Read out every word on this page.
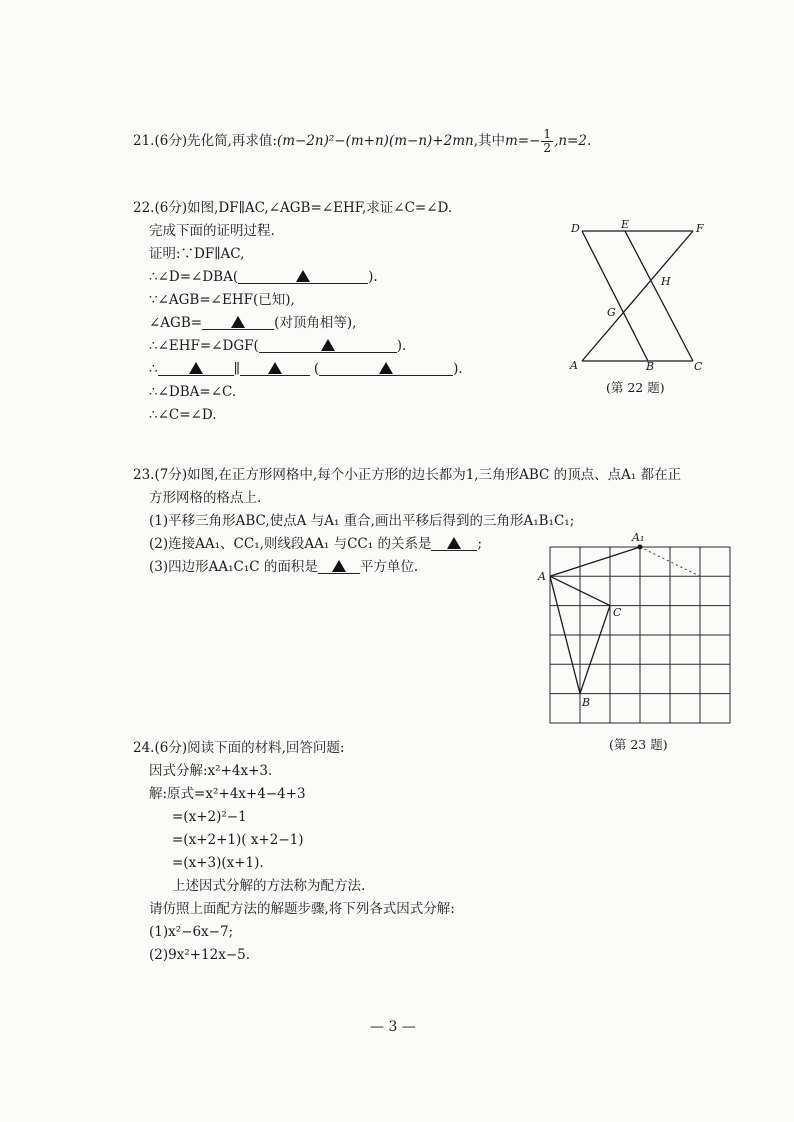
21.(6分)先化简,再求值:(m−2n)²−(m+n)(m−n)+2mn,其中$m=- \frac{1}{2} ,n=2$.
22.(6分)如图,DF∥AC,∠AGB=∠EHF,求证∠C=∠D.
完成下面的证明过程.
证明:∵DF∥AC,
∴∠D=∠DBA(	).
∵∠AGB=∠EHF(已知),
∠AGB=	(对顶角相等),
∴∠EHF=∠DGF(	).
∴	∥	(	).
∴∠DBA=∠C.
∴∠C=∠D.
D	E	F
H
G
A	B	C
(第 22 题)
23.(7分)如图,在正方形网格中,每个小正方形的边长都为1,三角形ABC 的顶点、点A₁ 都在正
方形网格的格点上.
(1)平移三角形ABC,使点A 与A₁ 重合,画出平移后得到的三角形A₁B₁C₁;
(2)连接AA₁、CC₁,则线段AA₁ 与CC₁ 的关系是	;
(3)四边形AA₁C₁C 的面积是	平方单位.
A₁
A
C
B
(第 23 题)
24.(6分)阅读下面的材料,回答问题:
因式分解:x²+4x+3.
解:原式=x²+4x+4−4+3
=(x+2)²−1
=(x+2+1)( x+2−1)
=(x+3)(x+1).
上述因式分解的方法称为配方法.
请仿照上面配方法的解题步骤,将下列各式因式分解:
(1)x²−6x−7;
(2)9x²+12x−5.
— 3 —
